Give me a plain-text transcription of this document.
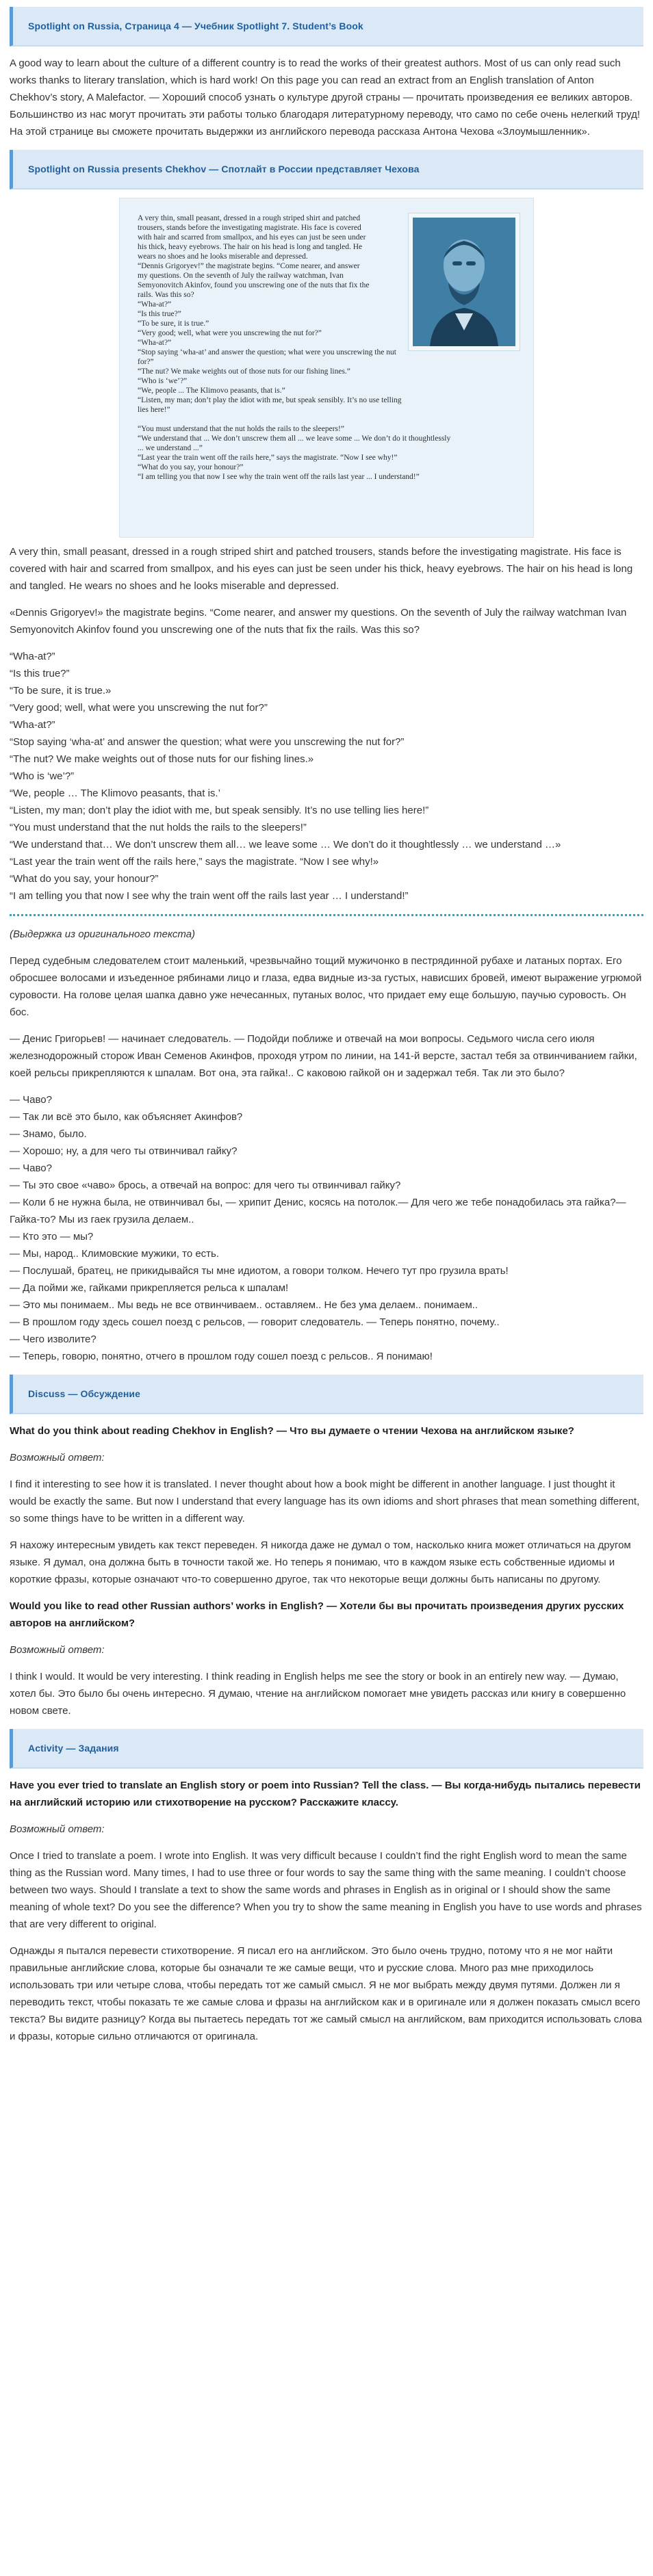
Spotlight on Russia, Страница 4 — Учебник Spotlight 7. Student’s Book

A good way to learn about the culture of a different country is to read the works of their greatest authors. Most of us can only read such works thanks to literary translation, which is hard work! On this page you can read an extract from an English translation of Anton Chekhov’s story, A Malefactor. — Хороший способ узнать о культуре другой страны — прочитать произведения ее великих авторов. Большинство из нас могут прочитать эти работы только благодаря литературному переводу, что само по себе очень нелегкий труд! На этой странице вы сможете прочитать выдержки из английского перевода рассказа Антона Чехова «Злоумышленник».

Spotlight on Russia presents Chekhov — Спотлайт в России представляет Чехова
A very thin, small peasant, dressed in a rough striped shirt and patched
trousers, stands before the investigating magistrate. His face is covered
with hair and scarred from smallpox, and his eyes can just be seen under
his thick, heavy eyebrows. The hair on his head is long and tangled. He
wears no shoes and he looks miserable and depressed.
“Dennis Grigoryev!” the magistrate begins. “Come nearer, and answer
my questions. On the seventh of July the railway watchman, Ivan
Semyonovitch Akinfov, found you unscrewing one of the nuts that fix the
rails. Was this so?
“Wha-at?”
“Is this true?”
“To be sure, it is true.”
“Very good; well, what were you unscrewing the nut for?”
“Wha-at?”
“Stop saying ‘wha-at’ and answer the question; what were you unscrewing the nut for?”
“The nut? We make weights out of those nuts for our fishing lines.”
“Who is ‘we’?”
“We, people ... The Klimovo peasants, that is.”
“Listen, my man; don’t play the idiot with me, but speak sensibly. It’s no use telling lies here!”
“You must understand that the nut holds the rails to the sleepers!”
“We understand that ... We don’t unscrew them all ... we leave some ... We don’t do it thoughtlessly
... we understand ...”
“Last year the train went off the rails here,” says the magistrate. “Now I see why!”
“What do you say, your honour?”
“I am telling you that now I see why the train went off the rails last year ... I understand!”

A very thin, small peasant, dressed in a rough striped shirt and patched trousers, stands before the investigating magistrate. His face is covered with hair and scarred from smallpox, and his eyes can just be seen under his thick, heavy eyebrows. The hair on his head is long and tangled. He wears no shoes and he looks miserable and depressed.

«Dennis Grigoryev!» the magistrate begins. “Come nearer, and answer my questions. On the seventh of July the railway watchman Ivan Semyonovitch Akinfov found you unscrewing one of the nuts that fix the rails. Was this so?

“Wha-at?”
“Is this true?”
“To be sure, it is true.»
“Very good; well, what were you unscrewing the nut for?”
“Wha-at?”
“Stop saying ‘wha-at’ and answer the question; what were you unscrewing the nut for?”
“The nut? We make weights out of those nuts for our fishing lines.»
“Who is ‘we’?”
“We, people … The Klimovo peasants, that is.’
“Listen, my man; don’t play the idiot with me, but speak sensibly. It’s no use telling lies here!”
“You must understand that the nut holds the rails to the sleepers!”
“We understand that… We don’t unscrew them all… we leave some … We don’t do it thoughtlessly … we understand …»
“Last year the train went off the rails here,” says the magistrate. “Now I see why!»
“What do you say, your honour?”
“I am telling you that now I see why the train went off the rails last year … I understand!”

(Выдержка из оригинального текста)

Перед судебным следователем стоит маленький, чрезвычайно тощий мужичонко в пестрядинной рубахе и латаных портах. Его обросшее волосами и изъеденное рябинами лицо и глаза, едва видные из-за густых, нависших бровей, имеют выражение угрюмой суровости. На голове целая шапка давно уже нечесанных, путаных волос, что придает ему еще большую, паучью суровость. Он бос.

— Денис Григорьев! — начинает следователь. — Подойди поближе и отвечай на мои вопросы. Седьмого числа сего июля железнодорожный сторож Иван Семенов Акинфов, проходя утром по линии, на 141-й версте, застал тебя за отвинчиванием гайки, коей рельсы прикрепляются к шпалам. Вот она, эта гайка!.. С каковою гайкой он и задержал тебя. Так ли это было?

— Чаво?
— Так ли всё это было, как объясняет Акинфов?
— Знамо, было.
— Хорошо; ну, а для чего ты отвинчивал гайку?
— Чаво?
— Ты это свое «чаво» брось, а отвечай на вопрос: для чего ты отвинчивал гайку?
— Коли б не нужна была, не отвинчивал бы, — хрипит Денис, косясь на потолок.— Для чего же тебе понадобилась эта гайка?— Гайка-то? Мы из гаек грузила делаем..
— Кто это — мы?
— Мы, народ.. Климовские мужики, то есть.
— Послушай, братец, не прикидывайся ты мне идиотом, а говори толком. Нечего тут про грузила врать!
— Да пойми же, гайками прикрепляется рельса к шпалам!
— Это мы понимаем.. Мы ведь не все отвинчиваем.. оставляем.. Не без ума делаем.. понимаем..
— В прошлом году здесь сошел поезд с рельсов, — говорит следователь. — Теперь понятно, почему..
— Чего изволите?
— Теперь, говорю, понятно, отчего в прошлом году сошел поезд с рельсов.. Я понимаю!
Discuss — Обсуждение

What do you think about reading Chekhov in English? — Что вы думаете о чтении Чехова на английском языке?

Возможный ответ:

I find it interesting to see how it is translated. I never thought about how a book might be different in another language. I just thought it would be exactly the same. But now I understand that every language has its own idioms and short phrases that mean something different, so some things have to be written in a different way.

Я нахожу интересным увидеть как текст переведен. Я никогда даже не думал о том, насколько книга может отличаться на другом языке. Я думал, она должна быть в точности такой же. Но теперь я понимаю, что в каждом языке есть собственные идиомы и короткие фразы, которые означают что-то совершенно другое, так что некоторые вещи должны быть написаны по другому.

Would you like to read other Russian authors’ works in English? — Хотели бы вы прочитать произведения других русских авторов на английском?

Возможный ответ:

I think I would. It would be very interesting. I think reading in English helps me see the story or book in an entirely new way. — Думаю, хотел бы. Это было бы очень интересно. Я думаю, чтение на английском помогает мне увидеть рассказ или книгу в совершенно новом свете.

Activity — Задания

Have you ever tried to translate an English story or poem into Russian? Tell the class. — Вы когда-нибудь пытались перевести на английский историю или стихотворение на русском? Расскажите классу.

Возможный ответ:

Once I tried to translate a poem. I wrote into English. It was very difficult because I couldn’t find the right English word to mean the same thing as the Russian word. Many times, I had to use three or four words to say the same thing with the same meaning. I couldn’t choose between two ways. Should I translate a text to show the same words and phrases in English as in original or I should show the same meaning of whole text? Do you see the difference? When you try to show the same meaning in English you have to use words and phrases that are very different to original.

Однажды я пытался перевести стихотворение. Я писал его на английском. Это было очень трудно, потому что я не мог найти правильные английские слова, которые бы означали те же самые вещи, что и русские слова. Много раз мне приходилось использовать три или четыре слова, чтобы передать тот же самый смысл. Я не мог выбрать между двумя путями. Должен ли я переводить текст, чтобы показать те же самые слова и фразы на английском как и в оригинале или я должен показать смысл всего текста? Вы видите разницу? Когда вы пытаетесь передать тот же самый смысл на английском, вам приходится использовать слова и фразы, которые сильно отличаются от оригинала.
